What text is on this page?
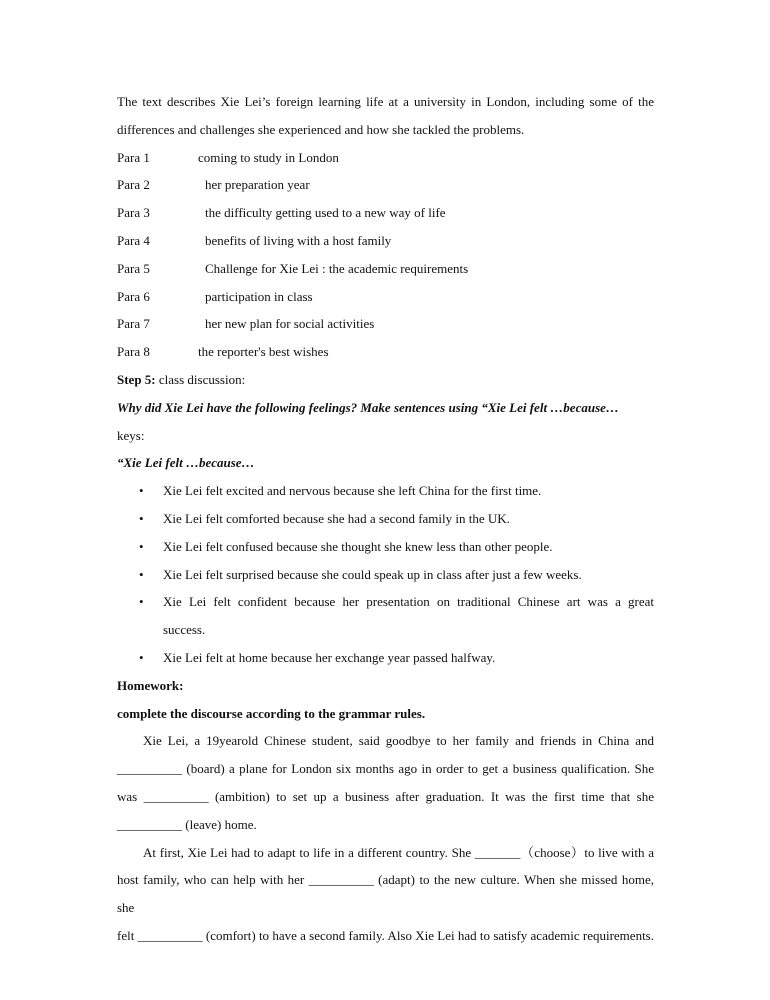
The text describes Xie Lei’s foreign learning life at a university in London, including some of the
differences and challenges she experienced and how she tackled the problems.
Para 1	coming to study in London
Para 2	her preparation year
Para 3	the difficulty getting used to a new way of life
Para 4	benefits of living with a host family
Para 5	Challenge for Xie Lei : the academic requirements
Para 6	participation in class
Para 7	her new plan for social activities
Para 8	the reporter's best wishes
Step 5: class discussion:
Why did Xie Lei have the following feelings? Make sentences using “Xie Lei felt …because…
keys:
“Xie Lei felt …because…
• Xie Lei felt excited and nervous because she left China for the first time.
• Xie Lei felt comforted because she had a second family in the UK.
• Xie Lei felt confused because she thought she knew less than other people.
• Xie Lei felt surprised because she could speak up in class after just a few weeks.
• Xie Lei felt confident because her presentation on traditional Chinese art was a great
success.
• Xie Lei felt at home because her exchange year passed halfway.
Homework:
complete the discourse according to the grammar rules.
Xie Lei, a 19yearold Chinese student, said goodbye to her family and friends in China and
__________ (board) a plane for London six months ago in order to get a business qualification. She
was __________ (ambition) to set up a business after graduation. It was the first time that she
__________ (leave) home.
At first, Xie Lei had to adapt to life in a different country. She _______（choose）to live with a
host family, who can help with her __________ (adapt) to the new culture. When she missed home, she
felt __________ (comfort) to have a second family. Also Xie Lei had to satisfy academic requirements.
